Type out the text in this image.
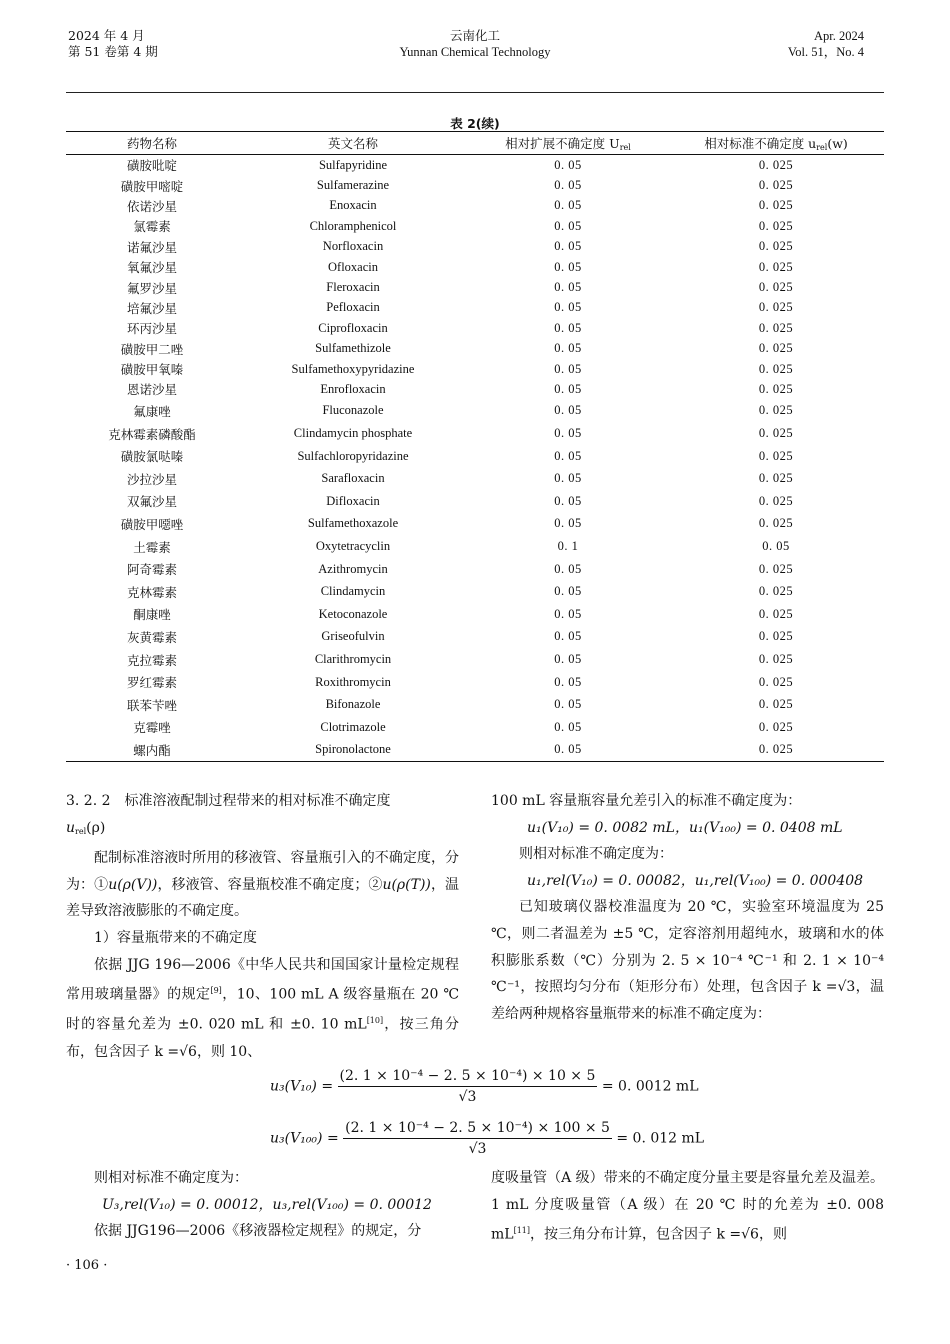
2024 年 4 月
第 51 卷第 4 期
云南化工
Yunnan Chemical Technology
Apr. 2024
Vol. 51，No. 4
表 2(续)
药物名称	英文名称	相对扩展不确定度 $U_{rel}$	相对标准不确定度 $u_{rel}(w)$
磺胺吡啶	Sulfapyridine	0. 05	0. 025
磺胺甲嘧啶	Sulfamerazine	0. 05	0. 025
依诺沙星	Enoxacin	0. 05	0. 025
氯霉素	Chloramphenicol	0. 05	0. 025
诺氟沙星	Norfloxacin	0. 05	0. 025
氧氟沙星	Ofloxacin	0. 05	0. 025
氟罗沙星	Fleroxacin	0. 05	0. 025
培氟沙星	Pefloxacin	0. 05	0. 025
环丙沙星	Ciprofloxacin	0. 05	0. 025
磺胺甲二唑	Sulfamethizole	0. 05	0. 025
磺胺甲氧嗪	Sulfamethoxypyridazine	0. 05	0. 025
恩诺沙星	Enrofloxacin	0. 05	0. 025
氟康唑	Fluconazole	0. 05	0. 025
克林霉素磷酸酯	Clindamycin phosphate	0. 05	0. 025
磺胺氯哒嗪	Sulfachloropyridazine	0. 05	0. 025
沙拉沙星	Sarafloxacin	0. 05	0. 025
双氟沙星	Difloxacin	0. 05	0. 025
磺胺甲噁唑	Sulfamethoxazole	0. 05	0. 025
土霉素	Oxytetracyclin	0. 1	0. 05
阿奇霉素	Azithromycin	0. 05	0. 025
克林霉素	Clindamycin	0. 05	0. 025
酮康唑	Ketoconazole	0. 05	0. 025
灰黄霉素	Griseofulvin	0. 05	0. 025
克拉霉素	Clarithromycin	0. 05	0. 025
罗红霉素	Roxithromycin	0. 05	0. 025
联苯苄唑	Bifonazole	0. 05	0. 025
克霉唑	Clotrimazole	0. 05	0. 025
螺内酯	Spironolactone	0. 05	0. 025

3. 2. 2　标准溶液配制过程带来的相对标准不确定度
$u_{rel}(\rho)$

配制标准溶液时所用的移液管、容量瓶引入的不确定度，分为：①u(ρ(V))，移液管、容量瓶校准不确定度；②u(ρ(T))，温差导致溶液膨胀的不确定度。

1）容量瓶带来的不确定度

依据 JJG 196—2006《中华人民共和国国家计量检定规程 常用玻璃量器》的规定[9]，10、100 mL A 级容量瓶在 20 ℃ 时的容量允差为 ±0. 020 mL 和 ±0. 10 mL[10]，按三角分布，包含因子 k =√6，则 10、

100 mL 容量瓶容量允差引入的标准不确定度为：

u₁(V₁₀) = 0. 0082 mL，u₁(V₁₀₀) = 0. 0408 mL

则相对标准不确定度为：

u₁,rel(V₁₀) = 0. 00082，u₁,rel(V₁₀₀) = 0. 000408

已知玻璃仪器校准温度为 20 ℃，实验室环境温度为 25 ℃，则二者温差为 ±5 ℃，定容溶剂用超纯水，玻璃和水的体积膨胀系数（℃）分别为 2. 5 × 10⁻⁴ ℃⁻¹ 和 2. 1 × 10⁻⁴ ℃⁻¹，按照均匀分布（矩形分布）处理，包含因子 k =√3，温差给两种规格容量瓶带来的标准不确定度为：

$u_3(V_{10}) = \frac{\text{(2. 1 × 10⁻⁴ − 2. 5 × 10⁻⁴) × 10 × 5}}{√3} = 0$. 0012 mL
$u_3(V_{100}) = \frac{\text{(2. 1 × 10⁻⁴ − 2. 5 × 10⁻⁴) × 100 × 5}}{√3} = 0$. 012 mL

则相对标准不确定度为：

U₃,rel(V₁₀) = 0. 00012，u₃,rel(V₁₀₀) = 0. 00012

依据 JJG196—2006《移液器检定规程》的规定，分

度吸量管（A 级）带来的不确定度分量主要是容量允差及温差。1 mL 分度吸量管（A 级）在 20 ℃ 时的允差为 ±0. 008 mL[11]，按三角分布计算，包含因子 k =√6，则

· 106 ·
